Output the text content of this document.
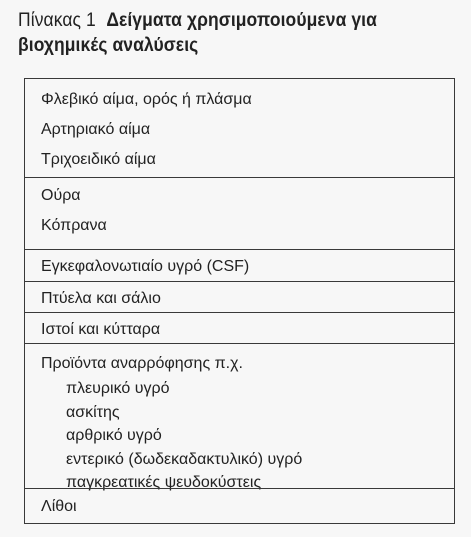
Πίνακας 1 Δείγματα χρησιμοποιούμενα για
βιοχημικές αναλύσεις
Φλεβικό αίμα, ορός ή πλάσμα
Αρτηριακό αίμα
Τριχοειδικό αίμα
Ούρα
Κόπρανα
Εγκεφαλονωτιαίο υγρό (CSF)
Πτύελα και σάλιο
Ιστοί και κύτταρα
Προϊόντα αναρρόφησης π.χ.
πλευρικό υγρό
ασκίτης
αρθρικό υγρό
εντερικό (δωδεκαδακτυλικό) υγρό
παγκρεατικές ψευδοκύστεις
Λίθοι
